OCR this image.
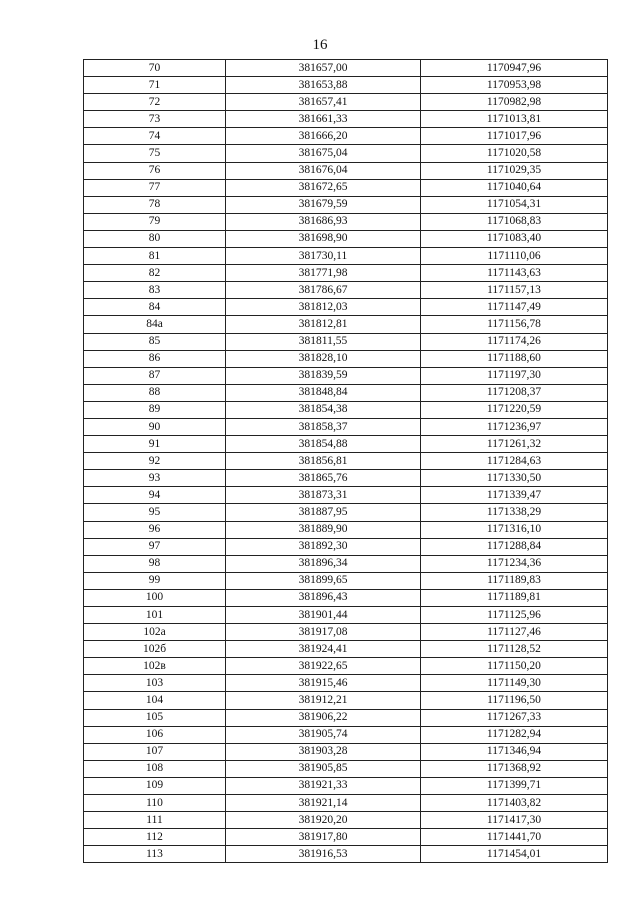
16
70	381657,00	1170947,96
71	381653,88	1170953,98
72	381657,41	1170982,98
73	381661,33	1171013,81
74	381666,20	1171017,96
75	381675,04	1171020,58
76	381676,04	1171029,35
77	381672,65	1171040,64
78	381679,59	1171054,31
79	381686,93	1171068,83
80	381698,90	1171083,40
81	381730,11	1171110,06
82	381771,98	1171143,63
83	381786,67	1171157,13
84	381812,03	1171147,49
84а	381812,81	1171156,78
85	381811,55	1171174,26
86	381828,10	1171188,60
87	381839,59	1171197,30
88	381848,84	1171208,37
89	381854,38	1171220,59
90	381858,37	1171236,97
91	381854,88	1171261,32
92	381856,81	1171284,63
93	381865,76	1171330,50
94	381873,31	1171339,47
95	381887,95	1171338,29
96	381889,90	1171316,10
97	381892,30	1171288,84
98	381896,34	1171234,36
99	381899,65	1171189,83
100	381896,43	1171189,81
101	381901,44	1171125,96
102а	381917,08	1171127,46
102б	381924,41	1171128,52
102в	381922,65	1171150,20
103	381915,46	1171149,30
104	381912,21	1171196,50
105	381906,22	1171267,33
106	381905,74	1171282,94
107	381903,28	1171346,94
108	381905,85	1171368,92
109	381921,33	1171399,71
110	381921,14	1171403,82
111	381920,20	1171417,30
112	381917,80	1171441,70
113	381916,53	1171454,01
